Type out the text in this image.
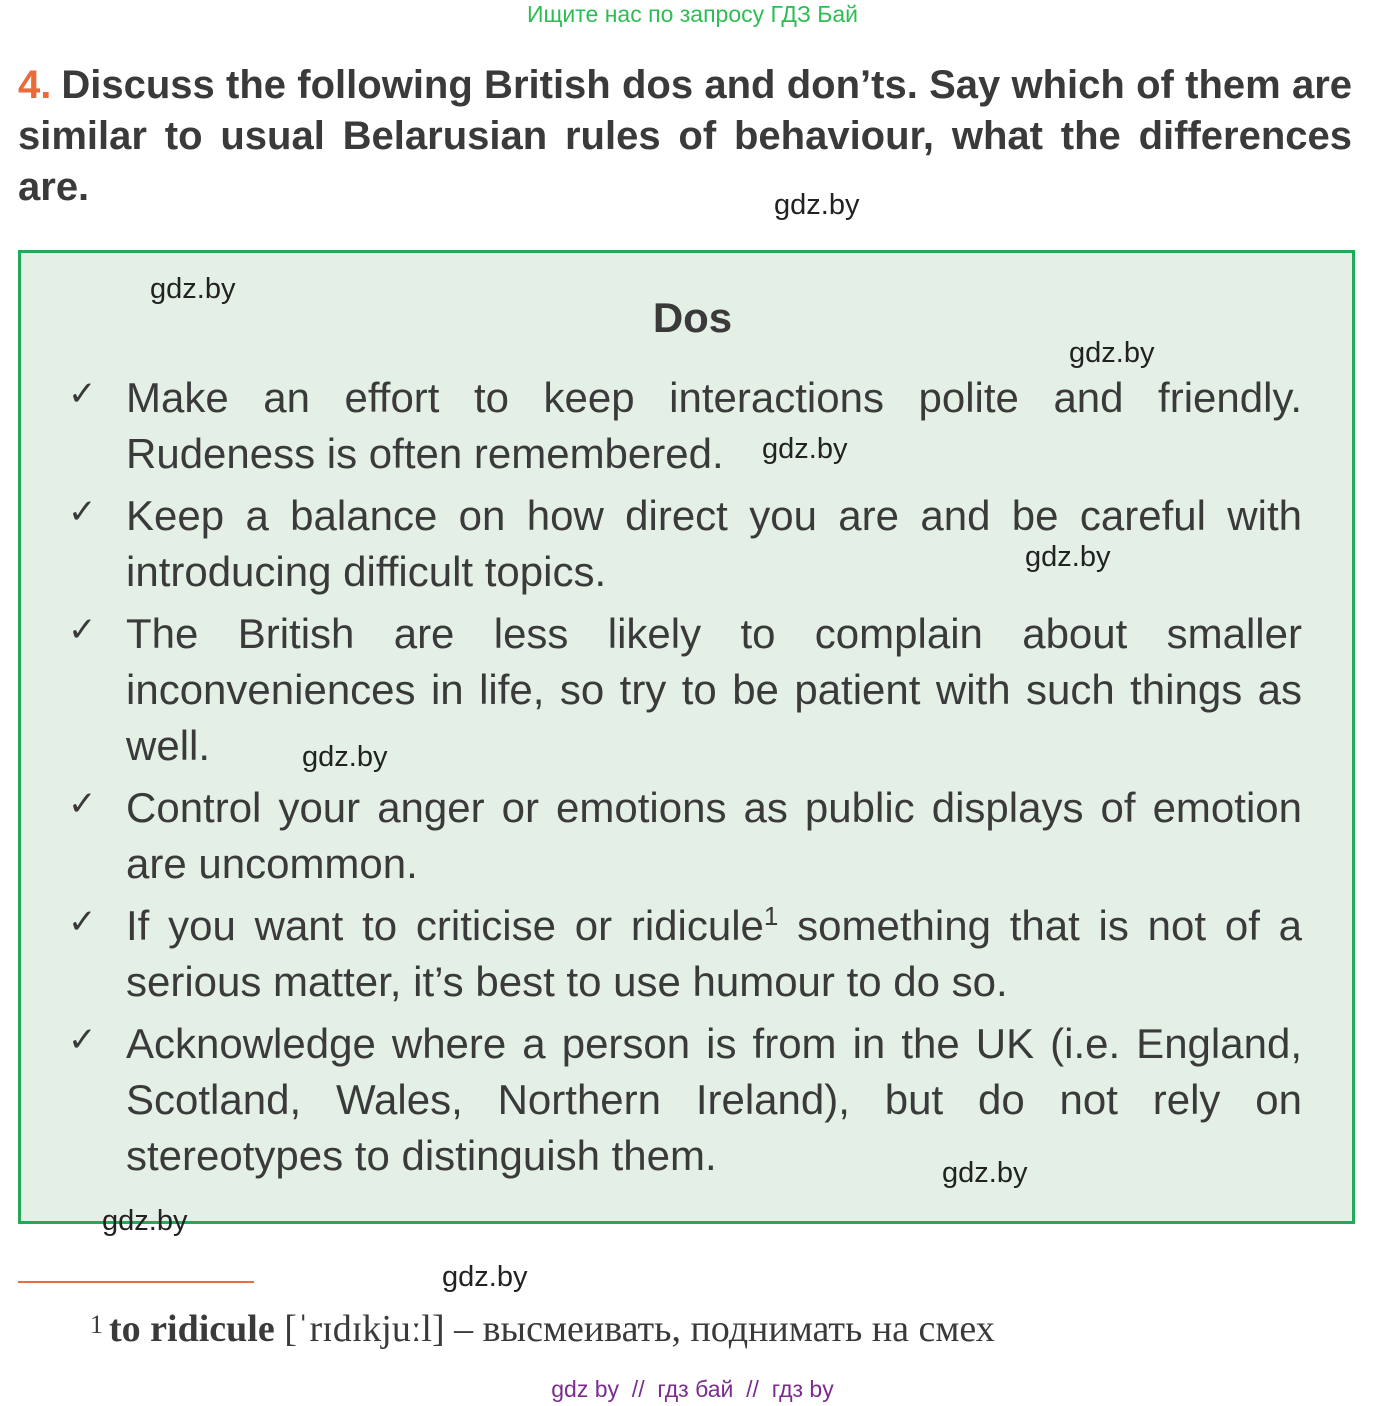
Ищите нас по запросу ГДЗ Бай
4. Discuss the following British dos and don’ts. Say which of them are similar to usual Belarusian rules of behaviour, what the differences are.
Dos
✓ Make an effort to keep interactions polite and friendly. Rudeness is often remembered.
✓ Keep a balance on how direct you are and be careful with introducing difficult topics.
✓ The British are less likely to complain about smaller inconveniences in life, so try to be patient with such things as well.
✓ Control your anger or emotions as public displays of emotion are uncommon.
✓ If you want to criticise or ridicule$^1$ something that is not of a serious matter, it’s best to use humour to do so.
✓ Acknowledge where a person is from in the UK (i.e. England, Scotland, Wales, Northern Ireland), but do not rely on stereotypes to distinguish them.
gdz.by
gdz.by
gdz.by
gdz.by
gdz.by
gdz.by
gdz.by
gdz.by
gdz.by
$^1$ to ridicule [ˈrɪdɪkjuːl] – высмеивать, поднимать на смех
gdz by  //  гдз бай  //  гдз by
